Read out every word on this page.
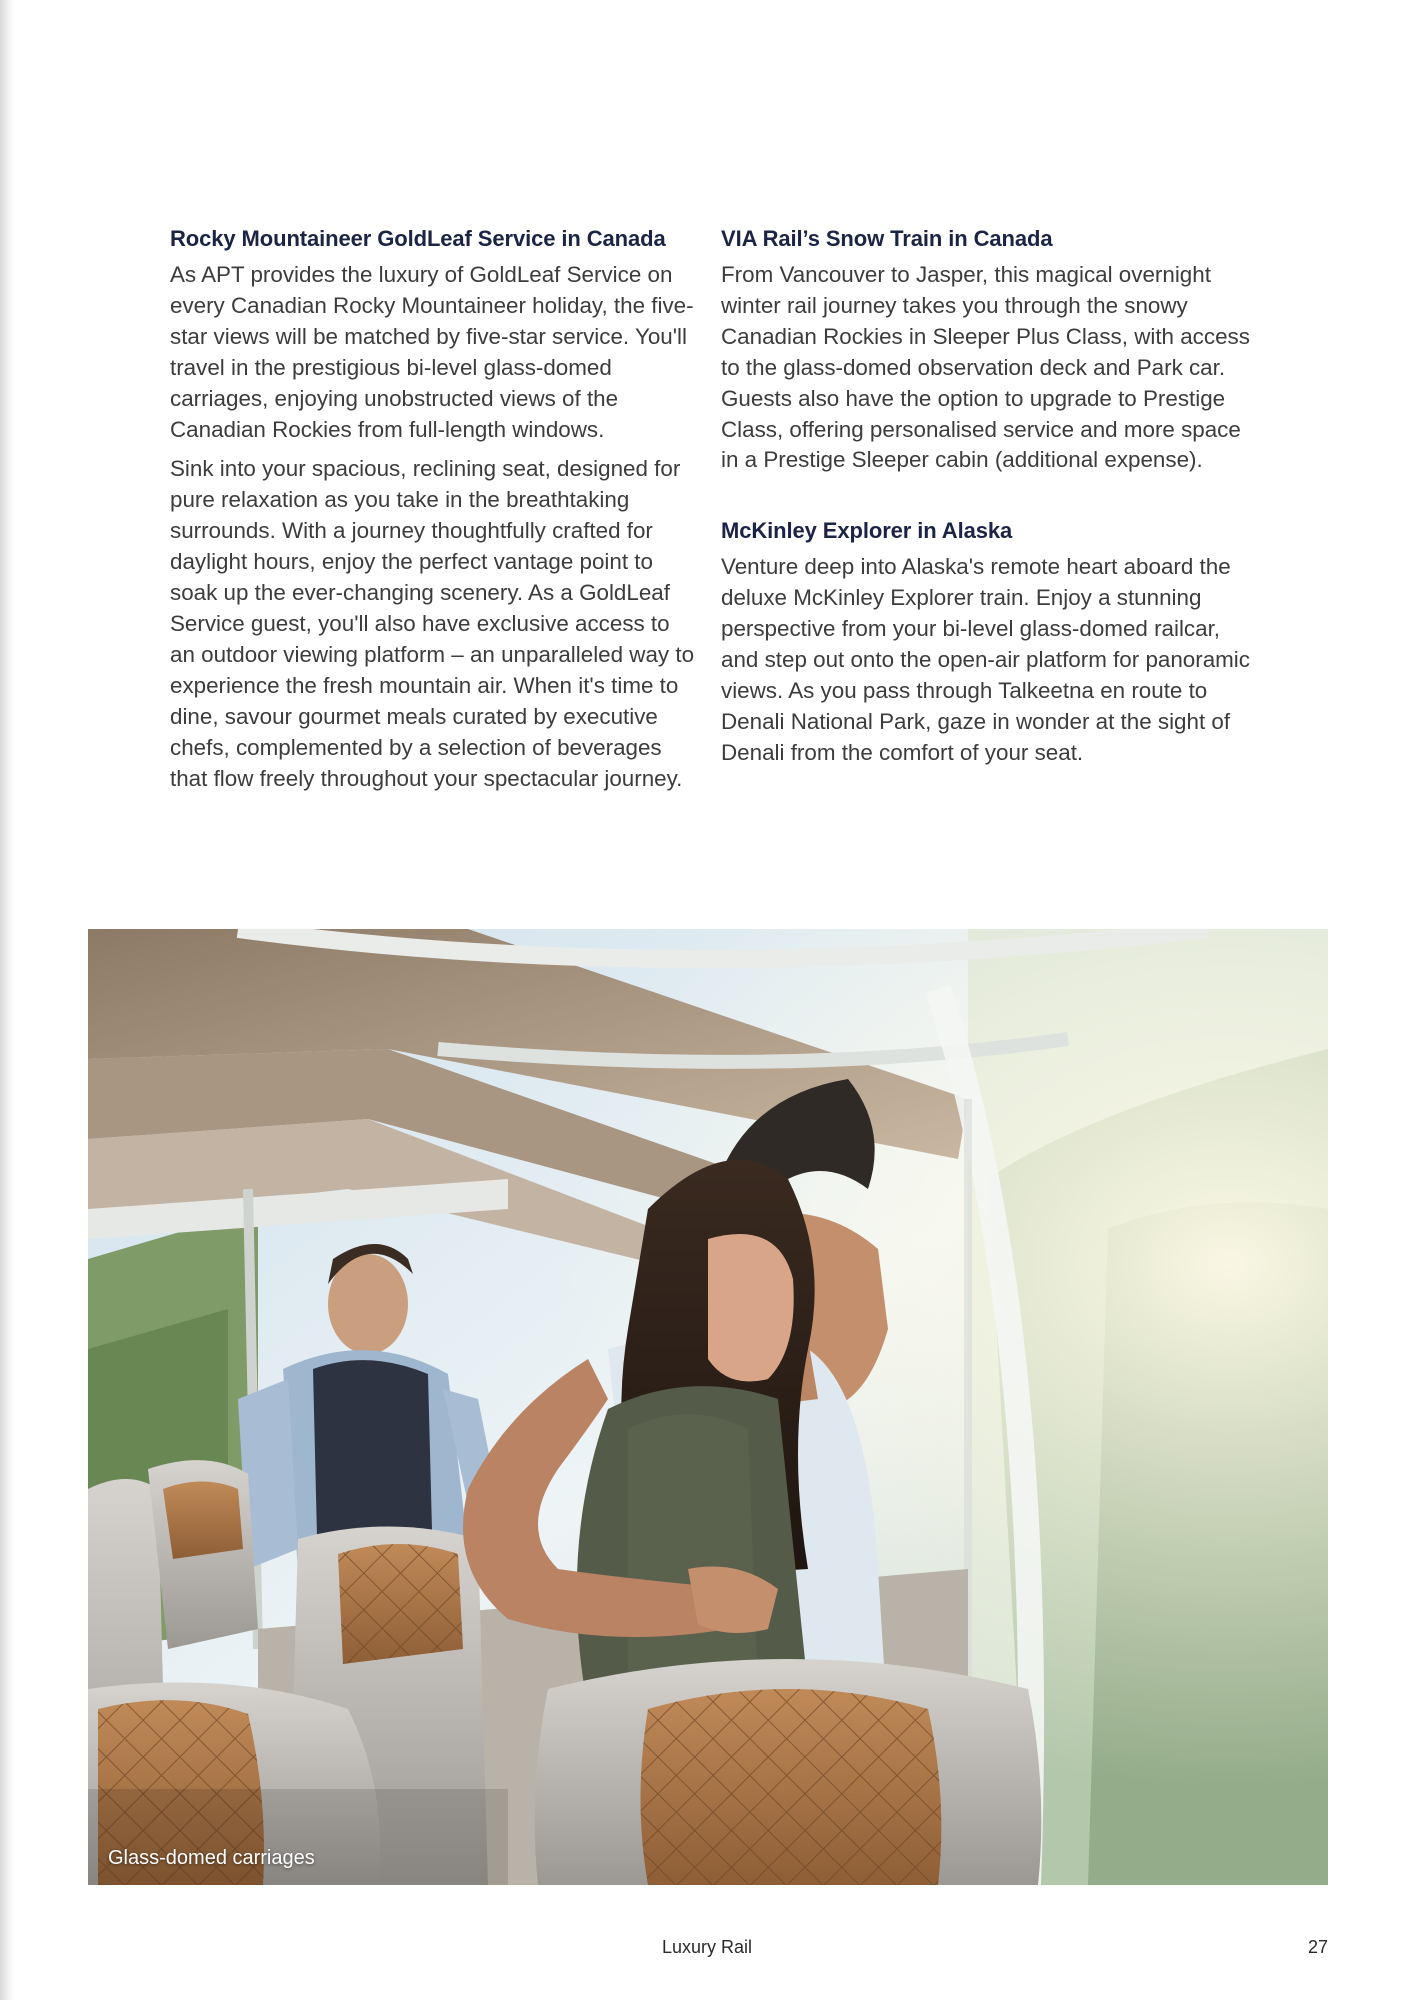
Rocky Mountaineer GoldLeaf Service in Canada

As APT provides the luxury of GoldLeaf Service on every Canadian Rocky Mountaineer holiday, the five-star views will be matched by five-star service. You'll travel in the prestigious bi-level glass-domed carriages, enjoying unobstructed views of the Canadian Rockies from full-length windows.

Sink into your spacious, reclining seat, designed for pure relaxation as you take in the breathtaking surrounds. With a journey thoughtfully crafted for daylight hours, enjoy the perfect vantage point to soak up the ever-changing scenery. As a GoldLeaf Service guest, you'll also have exclusive access to an outdoor viewing platform – an unparalleled way to experience the fresh mountain air. When it's time to dine, savour gourmet meals curated by executive chefs, complemented by a selection of beverages that flow freely throughout your spectacular journey.

VIA Rail’s Snow Train in Canada

From Vancouver to Jasper, this magical overnight winter rail journey takes you through the snowy Canadian Rockies in Sleeper Plus Class, with access to the glass-domed observation deck and Park car. Guests also have the option to upgrade to Prestige Class, offering personalised service and more space in a Prestige Sleeper cabin (additional expense).

McKinley Explorer in Alaska

Venture deep into Alaska's remote heart aboard the deluxe McKinley Explorer train. Enjoy a stunning perspective from your bi-level glass-domed railcar, and step out onto the open-air platform for panoramic views. As you pass through Talkeetna en route to Denali National Park, gaze in wonder at the sight of Denali from the comfort of your seat.

Glass-domed carriages
Luxury Rail	27
